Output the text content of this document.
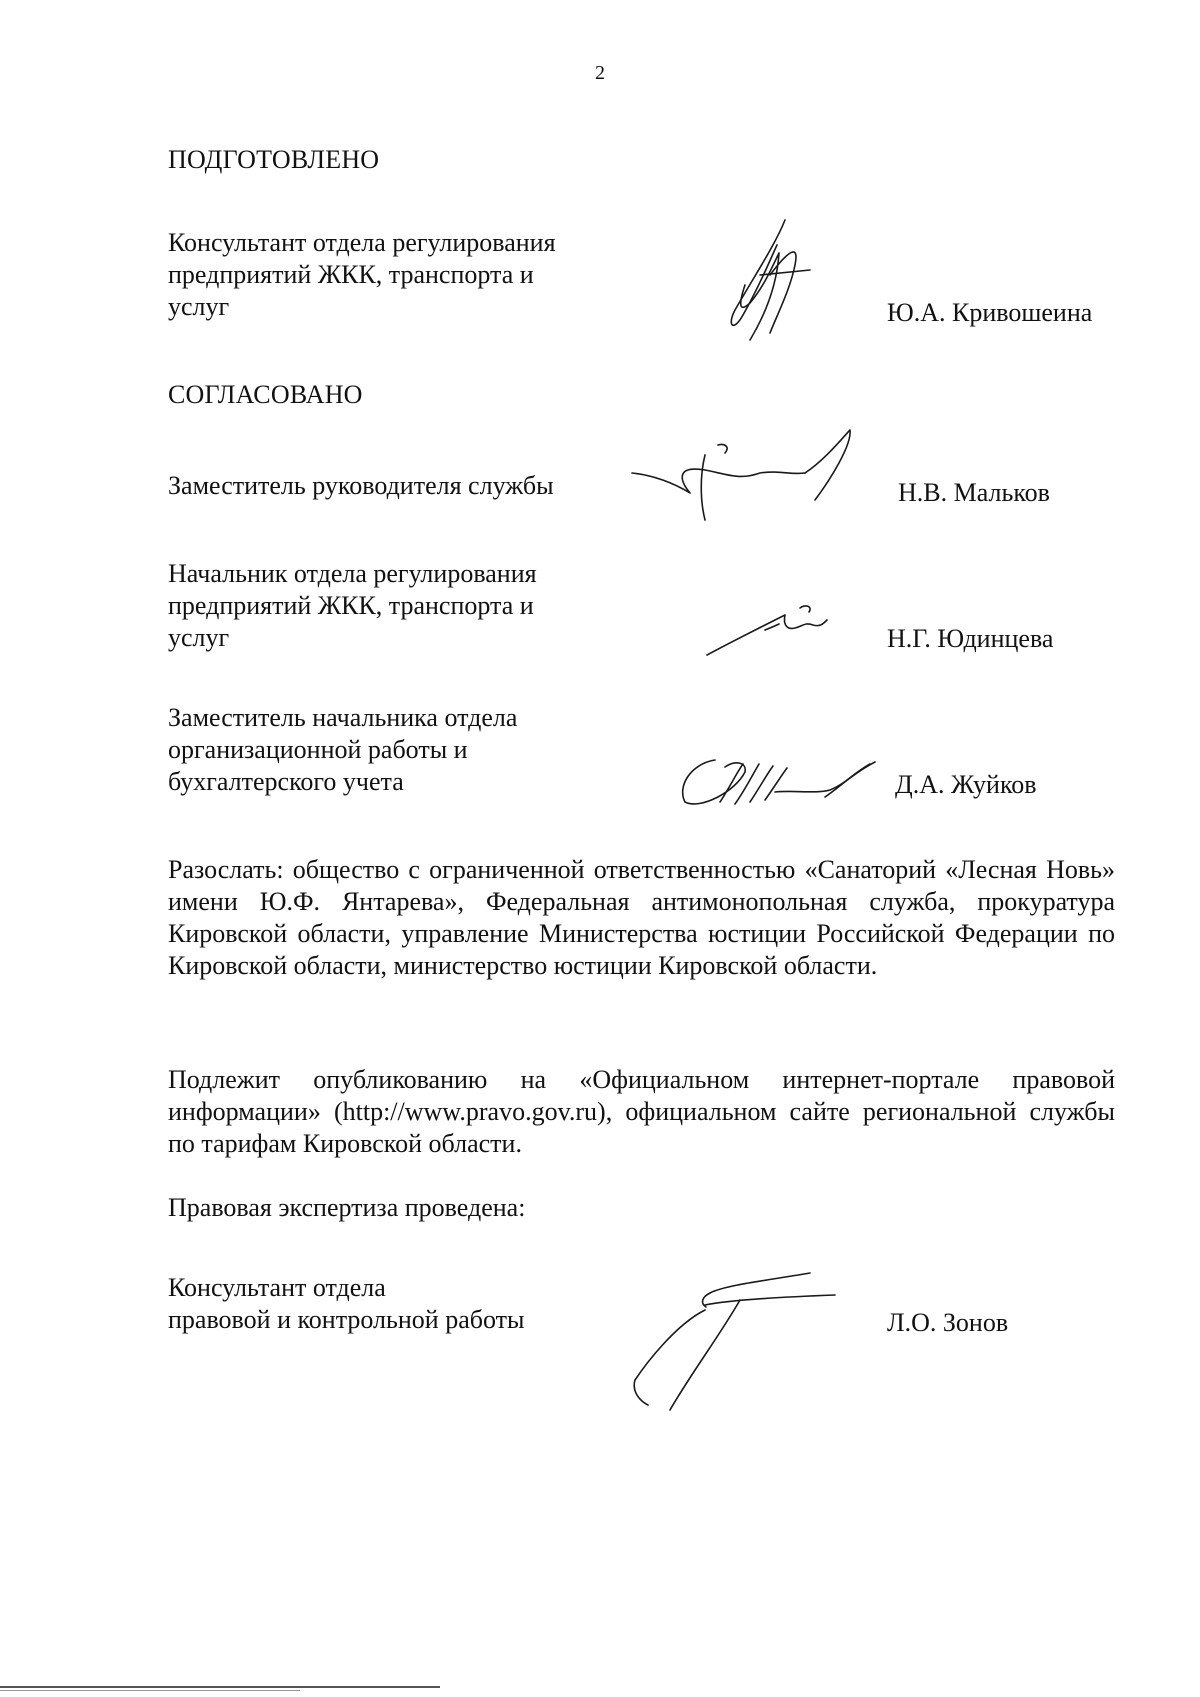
2
ПОДГОТОВЛЕНО
Консультант отдела регулирования
предприятий ЖКК, транспорта и
услуг	Ю.А. Кривошеина
СОГЛАСОВАНО
Заместитель руководителя службы	Н.В. Мальков
Начальник отдела регулирования
предприятий ЖКК, транспорта и
услуг	Н.Г. Юдинцева
Заместитель начальника отдела
организационной работы и
бухгалтерского учета	Д.А. Жуйков
Разослать: общество с ограниченной ответственностью «Санаторий «Лесная Новь» имени Ю.Ф. Янтарева», Федеральная антимонопольная служба, прокуратура Кировской области, управление Министерства юстиции Российской Федерации по Кировской области, министерство юстиции Кировской области.
Подлежит опубликованию на «Официальном интернет-портале правовой информации» (http://www.pravo.gov.ru), официальном сайте региональной службы по тарифам Кировской области.
Правовая экспертиза проведена:
Консультант отдела
правовой и контрольной работы	Л.О. Зонов
